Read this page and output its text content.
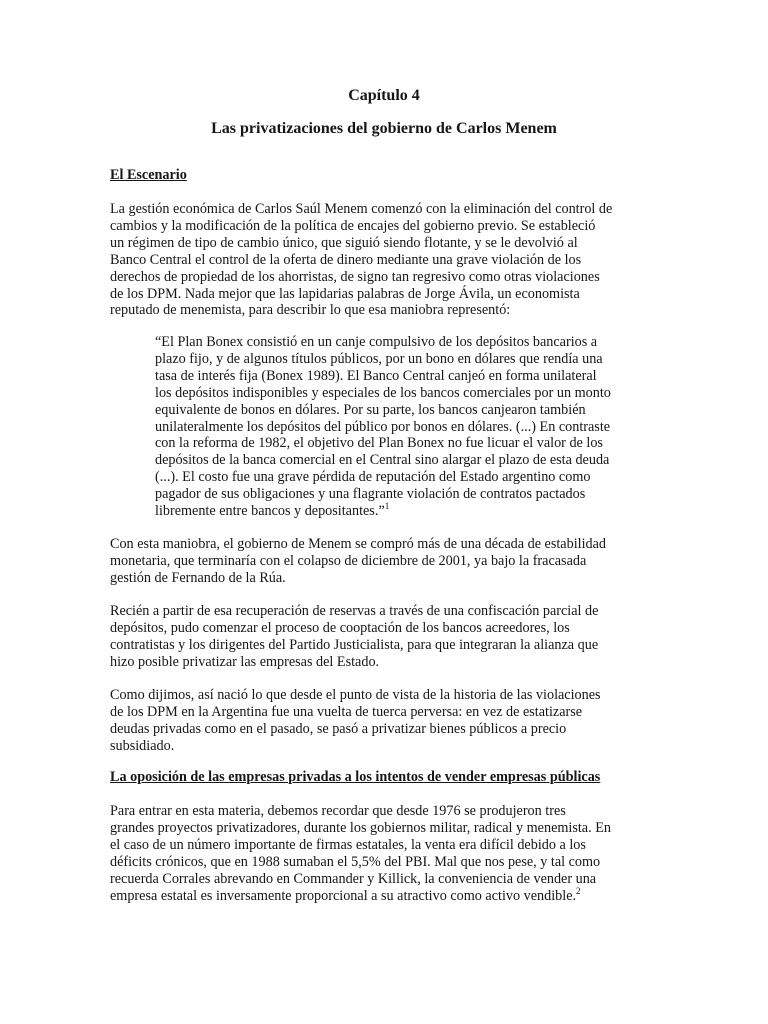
Capítulo 4
Las privatizaciones del gobierno de Carlos Menem
El Escenario
La gestión económica de Carlos Saúl Menem comenzó con la eliminación del control de
cambios y la modificación de la política de encajes del gobierno previo. Se estableció
un régimen de tipo de cambio único, que siguió siendo flotante, y se le devolvió al
Banco Central el control de la oferta de dinero mediante una grave violación de los
derechos de propiedad de los ahorristas, de signo tan regresivo como otras violaciones
de los DPM. Nada mejor que las lapidarias palabras de Jorge Ávila, un economista
reputado de menemista, para describir lo que esa maniobra representó:
“El Plan Bonex consistió en un canje compulsivo de los depósitos bancarios a
plazo fijo, y de algunos títulos públicos, por un bono en dólares que rendía una
tasa de interés fija (Bonex 1989). El Banco Central canjeó en forma unilateral
los depósitos indisponibles y especiales de los bancos comerciales por un monto
equivalente de bonos en dólares. Por su parte, los bancos canjearon también
unilateralmente los depósitos del público por bonos en dólares. (...) En contraste
con la reforma de 1982, el objetivo del Plan Bonex no fue licuar el valor de los
depósitos de la banca comercial en el Central sino alargar el plazo de esta deuda
(...). El costo fue una grave pérdida de reputación del Estado argentino como
pagador de sus obligaciones y una flagrante violación de contratos pactados
libremente entre bancos y depositantes.”$^1$
Con esta maniobra, el gobierno de Menem se compró más de una década de estabilidad
monetaria, que terminaría con el colapso de diciembre de 2001, ya bajo la fracasada
gestión de Fernando de la Rúa.
Recién a partir de esa recuperación de reservas a través de una confiscación parcial de
depósitos, pudo comenzar el proceso de cooptación de los bancos acreedores, los
contratistas y los dirigentes del Partido Justicialista, para que integraran la alianza que
hizo posible privatizar las empresas del Estado.
Como dijimos, así nació lo que desde el punto de vista de la historia de las violaciones
de los DPM en la Argentina fue una vuelta de tuerca perversa: en vez de estatizarse
deudas privadas como en el pasado, se pasó a privatizar bienes públicos a precio
subsidiado.
La oposición de las empresas privadas a los intentos de vender empresas públicas
Para entrar en esta materia, debemos recordar que desde 1976 se produjeron tres
grandes proyectos privatizadores, durante los gobiernos militar, radical y menemista. En
el caso de un número importante de firmas estatales, la venta era difícil debido a los
déficits crónicos, que en 1988 sumaban el 5,5% del PBI. Mal que nos pese, y tal como
recuerda Corrales abrevando en Commander y Killick, la conveniencia de vender una
empresa estatal es inversamente proporcional a su atractivo como activo vendible.$^2$
